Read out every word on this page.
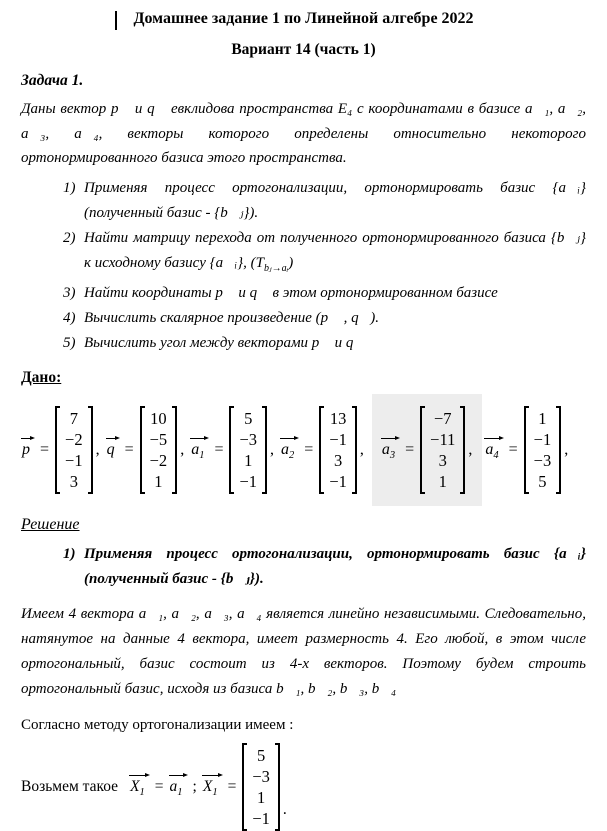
Домашнее задание 1 по Линейной алгебре 2022
Вариант 14 (часть 1)
Задача 1.

Даны вектор p⃗ и q⃗ евклидова пространства E₄ с координатами в базисе a⃗₁, a⃗₂, a⃗₃, a⃗₄, векторы которого определены относительно некоторого ортонормированного базиса этого пространства.

1) Применяя процесс ортогонализации, ортонормировать базис {a⃗ᵢ} (полученный базис - {b⃗ⱼ}).
2) Найти матрицу перехода от полученного ортонормированного базиса {b⃗ⱼ} к исходному базису {a⃗ᵢ}, $(T_{bⱼ\to aᵢ})$
3) Найти координаты p⃗ и q⃗ в этом ортонормированном базисе
4) Вычислить скалярное произведение (p⃗ , q⃗).
5) Вычислить угол между векторами p⃗ и q⃗
Дано:
p =
7
−2
−1
3
, q =
10
−5
−2
1
, $a_1$ =
5
−3
1
−1
, $a_2$ =
13
−1
3
−1
, $a_3$ =
−7
−11
3
1
, $a_4$ =
1
−1
−3
5
,
Решение
1) Применяя процесс ортогонализации, ортонормировать базис {a⃗ᵢ} (полученный базис - {b⃗ⱼ}).

Имеем 4 вектора a⃗₁, a⃗₂, a⃗₃, a⃗₄ является линейно независимыми. Следовательно, натянутое на данные 4 вектора, имеет размерность 4. Его любой, в этом числе ортогональный, базис состоит из 4-х векторов. Поэтому будем строить ортогональный базис, исходя из базиса b⃗₁, b⃗₂, b⃗₃, b⃗₄

Согласно методу ортогонализации имеем :

Возьмем такое $X_1 = a_1$ ; $X_1$ =
5
−3
1
−1 .
